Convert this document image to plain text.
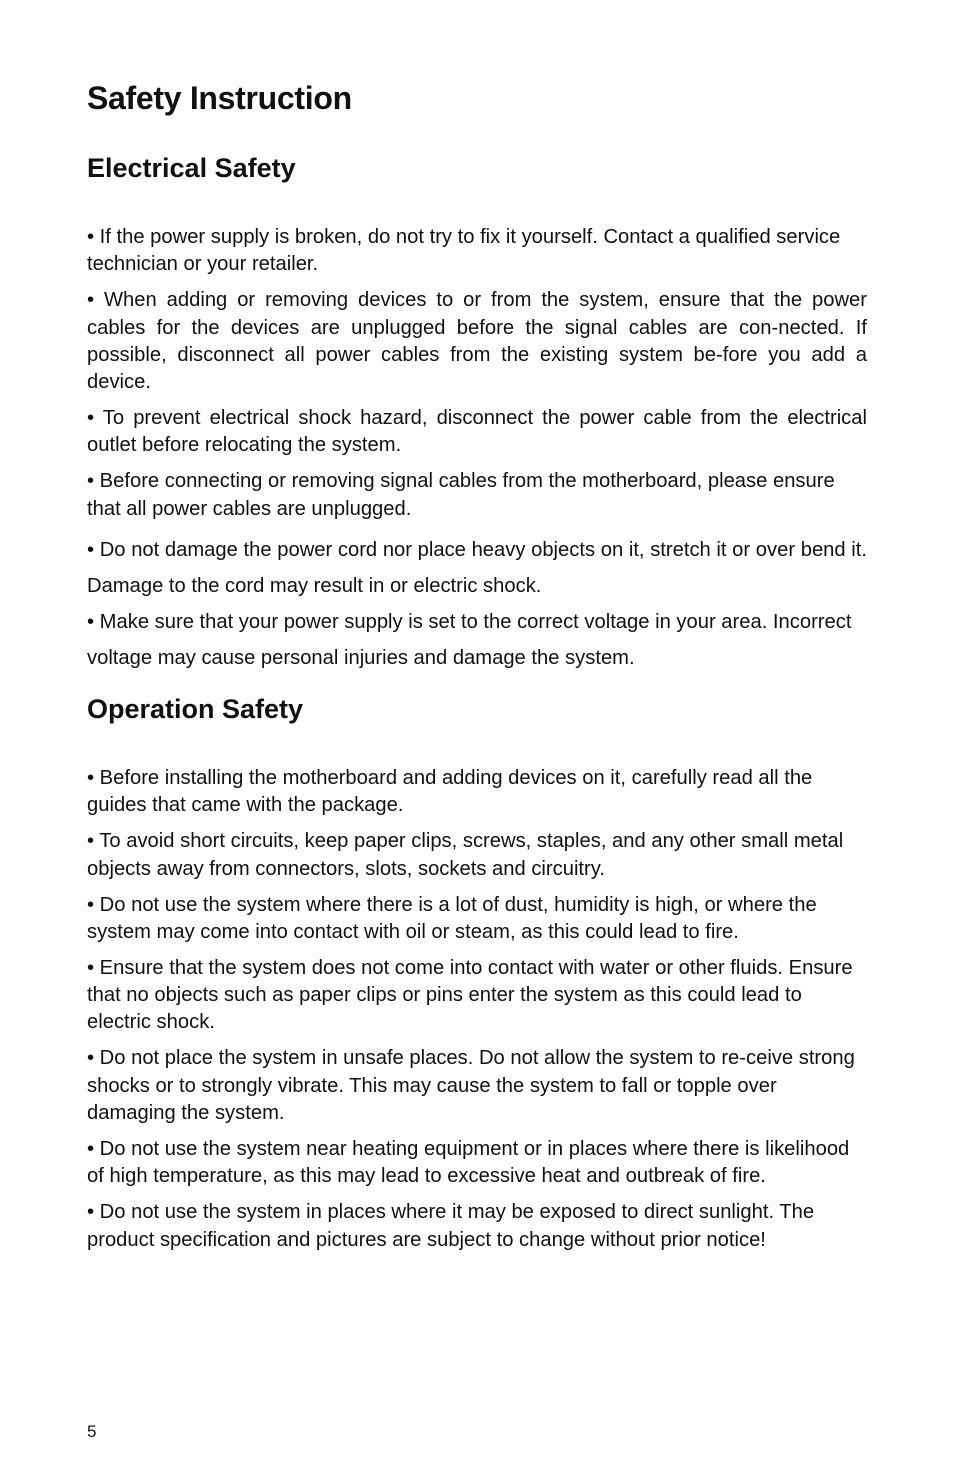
Safety Instruction
Electrical Safety

• If the power supply is broken, do not try to fix it yourself. Contact a qualified service technician or your retailer.

• When adding or removing devices to or from the system, ensure that the power cables for the devices are unplugged before the signal cables are con-nected. If possible, disconnect all power cables from the existing system be-fore you add a device.

• To prevent electrical shock hazard, disconnect the power cable from the electrical outlet before relocating the system.

• Before connecting or removing signal cables from the motherboard, please ensure that all power cables are unplugged.

• Do not damage the power cord nor place heavy objects on it, stretch it or over bend it. Damage to the cord may result in or electric shock.

• Make sure that your power supply is set to the correct voltage in your area. Incorrect voltage may cause personal injuries and damage the system.

Operation Safety

• Before installing the motherboard and adding devices on it, carefully read all the guides that came with the package.

• To avoid short circuits, keep paper clips, screws, staples, and any other small metal objects away from connectors, slots, sockets and circuitry.

• Do not use the system where there is a lot of dust, humidity is high, or where the system may come into contact with oil or steam, as this could lead to fire.

• Ensure that the system does not come into contact with water or other fluids. Ensure that no objects such as paper clips or pins enter the system as this could lead to electric shock.

• Do not place the system in unsafe places. Do not allow the system to re-ceive strong shocks or to strongly vibrate. This may cause the system to fall or topple over damaging the system.

• Do not use the system near heating equipment or in places where there is likelihood of high temperature, as this may lead to excessive heat and outbreak of fire.

• Do not use the system in places where it may be exposed to direct sunlight. The product specification and pictures are subject to change without prior notice!

5
